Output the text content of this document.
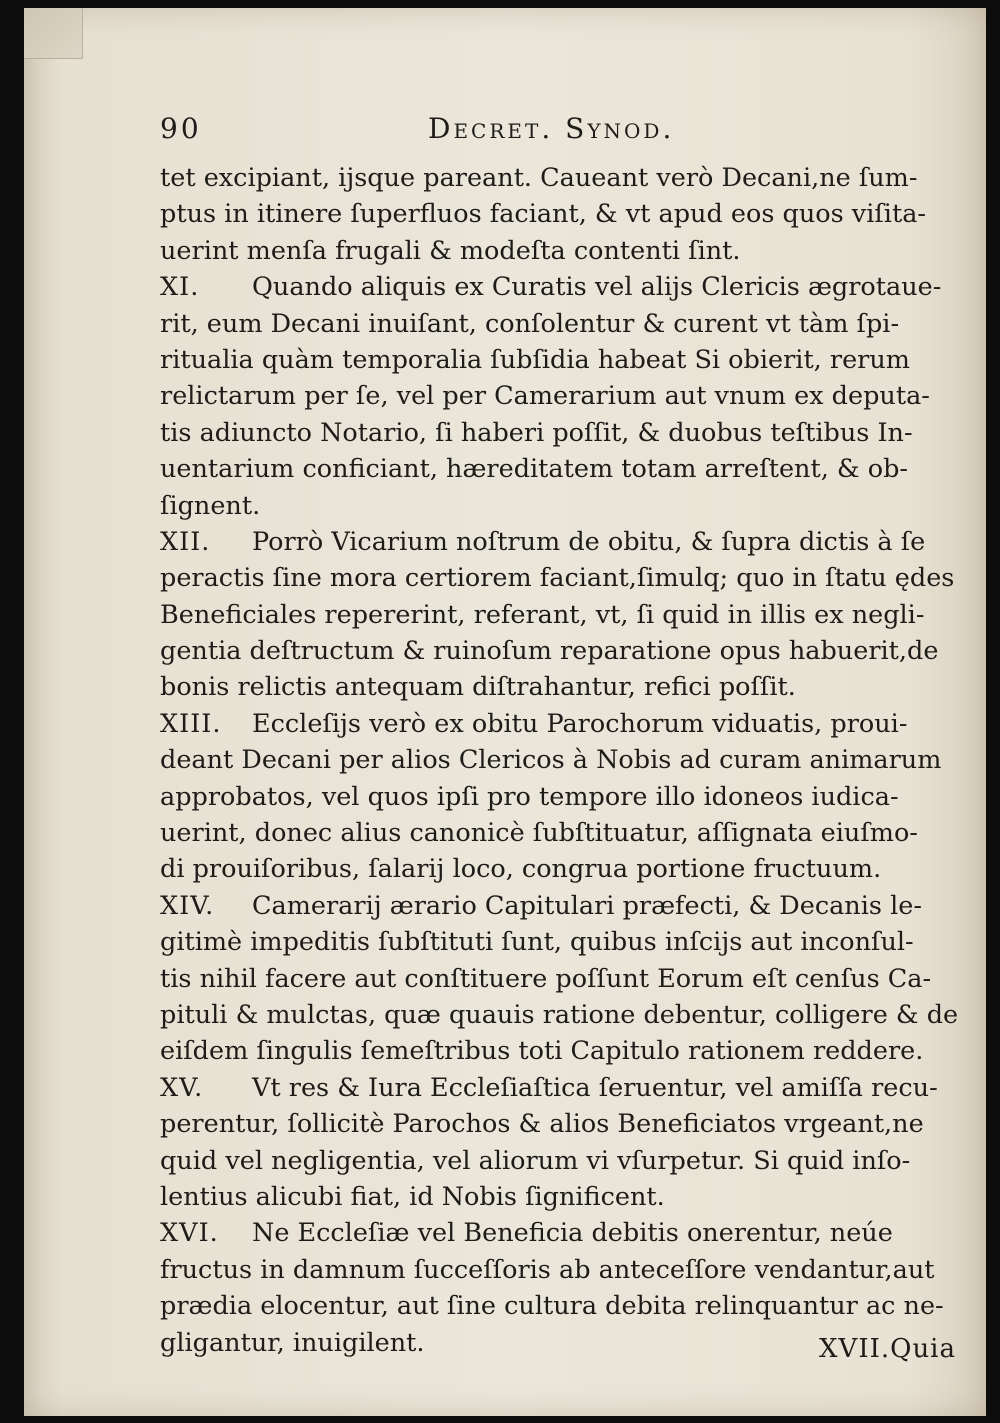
90	Decret. Synod.
tet excipiant, ijsque pareant. Caueant verò Decani,ne ſum-
ptus in itinere ſuperfluos faciant, & vt apud eos quos viſita-
uerint menſa frugali & modeſta contenti ſint.
XI. Quando aliquis ex Curatis vel alijs Clericis ægrotaue-
rit, eum Decani inuiſant, conſolentur & curent vt tàm ſpi-
ritualia quàm temporalia ſubſidia habeat Si obierit, rerum
relictarum per ſe, vel per Camerarium aut vnum ex deputa-
tis adiuncto Notario, ſi haberi poſſit, & duobus teſtibus In-
uentarium conficiant, hæreditatem totam arreſtent, & ob-
ſignent.
XII. Porrò Vicarium noſtrum de obitu, & ſupra dictis à ſe
peractis ſine mora certiorem faciant,ſimulq; quo in ſtatu ędes
Beneficiales repererint, referant, vt, ſi quid in illis ex negli-
gentia deſtructum & ruinoſum reparatione opus habuerit,de
bonis relictis antequam diſtrahantur, refici poſſit.
XIII. Eccleſijs verò ex obitu Parochorum viduatis, proui-
deant Decani per alios Clericos à Nobis ad curam animarum
approbatos, vel quos ipſi pro tempore illo idoneos iudica-
uerint, donec alius canonicè ſubſtituatur, aſſignata eiuſmo-
di prouiſoribus, ſalarij loco, congrua portione fructuum.
XIV. Camerarij ærario Capitulari præfecti, & Decanis le-
gitimè impeditis ſubſtituti ſunt, quibus inſcijs aut inconſul-
tis nihil facere aut conſtituere poſſunt Eorum eſt cenſus Ca-
pituli & mulctas, quæ quauis ratione debentur, colligere & de
eiſdem ſingulis ſemeſtribus toti Capitulo rationem reddere.
XV. Vt res & Iura Eccleſiaſtica ſeruentur, vel amiſſa recu-
perentur, ſollicitè Parochos & alios Beneficiatos vrgeant,ne
quid vel negligentia, vel aliorum vi vſurpetur. Si quid inſo-
lentius alicubi fiat, id Nobis ſignificent.
XVI. Ne Eccleſiæ vel Beneficia debitis onerentur, neúe
fructus in damnum ſucceſſoris ab anteceſſore vendantur,aut
prædia elocentur, aut ſine cultura debita relinquantur ac ne-
gligantur, inuigilent.	XVII.Quia
